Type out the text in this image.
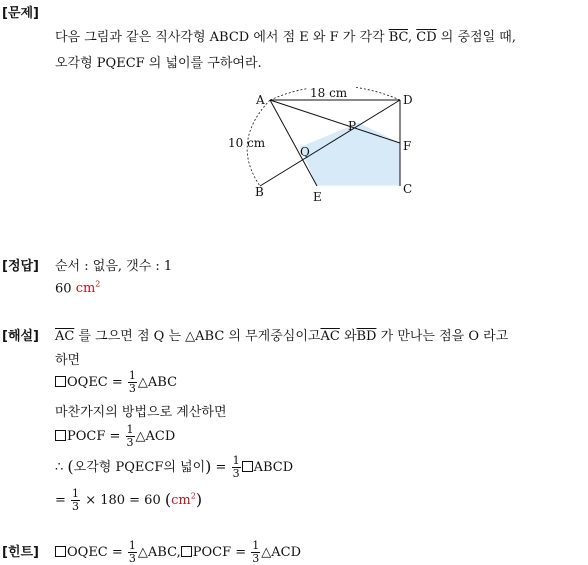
[문제]
다음 그림과 같은 직사각형 ABCD 에서 점 E 와 F 가 각각 $\overline{BC}$, $\overline{CD}$ 의 중점일 때,
오각형 PQECF 의 넓이를 구하여라.
18 cm
10 cm
A	D
B	E
C
F
P
Q
[정답] 순서 : 없음, 갯수 : 1
60 $cm^2$
[해설] $\overline{AC}$ 를 그으면 점 Q 는 △ABC 의 무게중심이고$\overline{AC}$ 와$\overline{BD}$ 가 만나는 점을 O 라고
하면
OQEC = $\frac{1}{3}$ △ABC
마찬가지의 방법으로 계산하면
POCF = $\frac{1}{3}$ △ACD
∴ (오각형 PQECF의 넓이) = $\frac{1}{3}$ ABCD
= $\frac{1}{3} \times 180 = 60$ $(cm^2)$
[힌트]	OQEC = $\frac{1}{3}$ △ABC, POCF = $\frac{1}{3}$ △ACD
